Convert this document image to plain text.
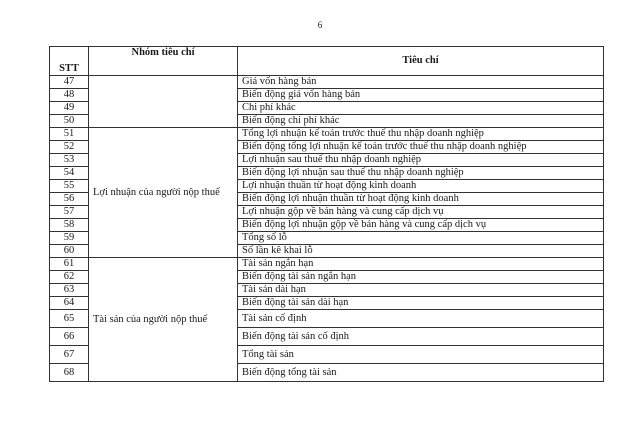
6
STT	Nhóm tiêu chí	Tiêu chí
47		Giá vốn hàng bán
48		Biến động giá vốn hàng bán
49		Chi phí khác
50		Biến động chi phí khác
51	Lợi nhuận của người nộp thuế	Tổng lợi nhuận kế toán trước thuế thu nhập doanh nghiệp
52		Biến động tổng lợi nhuận kế toán trước thuế thu nhập doanh nghiệp
53		Lợi nhuận sau thuế thu nhập doanh nghiệp
54		Biến động lợi nhuận sau thuế thu nhập doanh nghiệp
55		Lợi nhuận thuần từ hoạt động kinh doanh
56		Biến động lợi nhuận thuần từ hoạt động kinh doanh
57		Lợi nhuận gộp về bán hàng và cung cấp dịch vụ
58		Biến động lợi nhuận gộp về bán hàng và cung cấp dịch vụ
59		Tổng số lỗ
60		Số lần kê khai lỗ
61	Tài sản của người nộp thuế	Tài sản ngắn hạn
62		Biến động tài sản ngắn hạn
63		Tài sản dài hạn
64		Biến động tài sản dài hạn
65		Tài sản cố định
66		Biến động tài sản cố định
67		Tổng tài sản
68		Biến động tổng tài sản
